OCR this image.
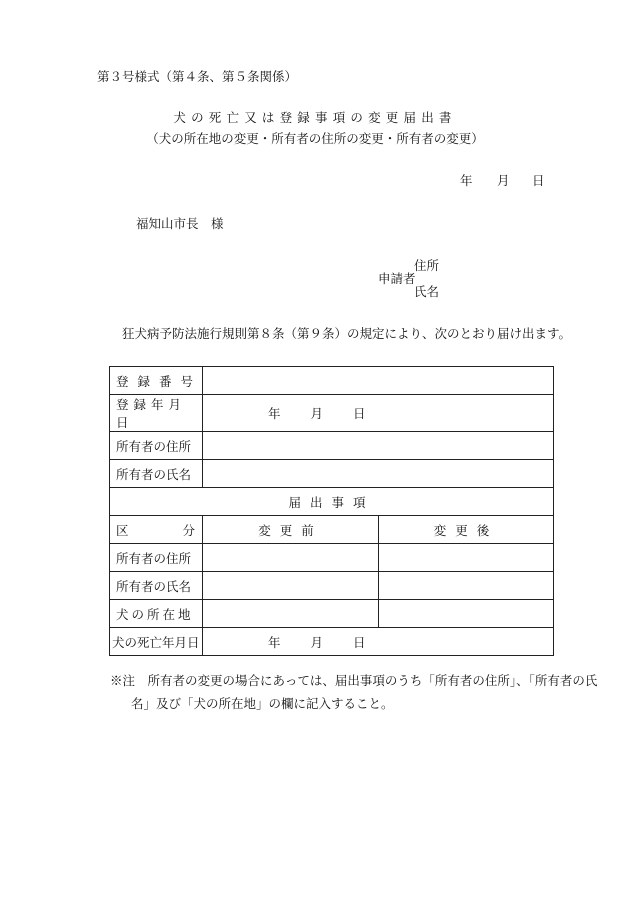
第３号様式（第４条、第５条関係）
犬の死亡又は登録事項の変更届出書
（犬の所在地の変更・所有者の住所の変更・所有者の変更）
年 月 日
福知山市長　様
申請者
住所
氏名
狂犬病予防法施行規則第８条（第９条）の規定により、次のとおり届け出ます。
登録番号		
登録年月日	年 月 日	
所有者の住所		
所有者の氏名		
届出事項		
区 分	変更前	変更後
所有者の住所		
所有者の氏名		
犬の所在地		
犬の死亡年月日	年 月 日	
※注　所有者の変更の場合にあっては、届出事項のうち「所有者の住所」、「所有者の氏
名」及び「犬の所在地」の欄に記入すること。
